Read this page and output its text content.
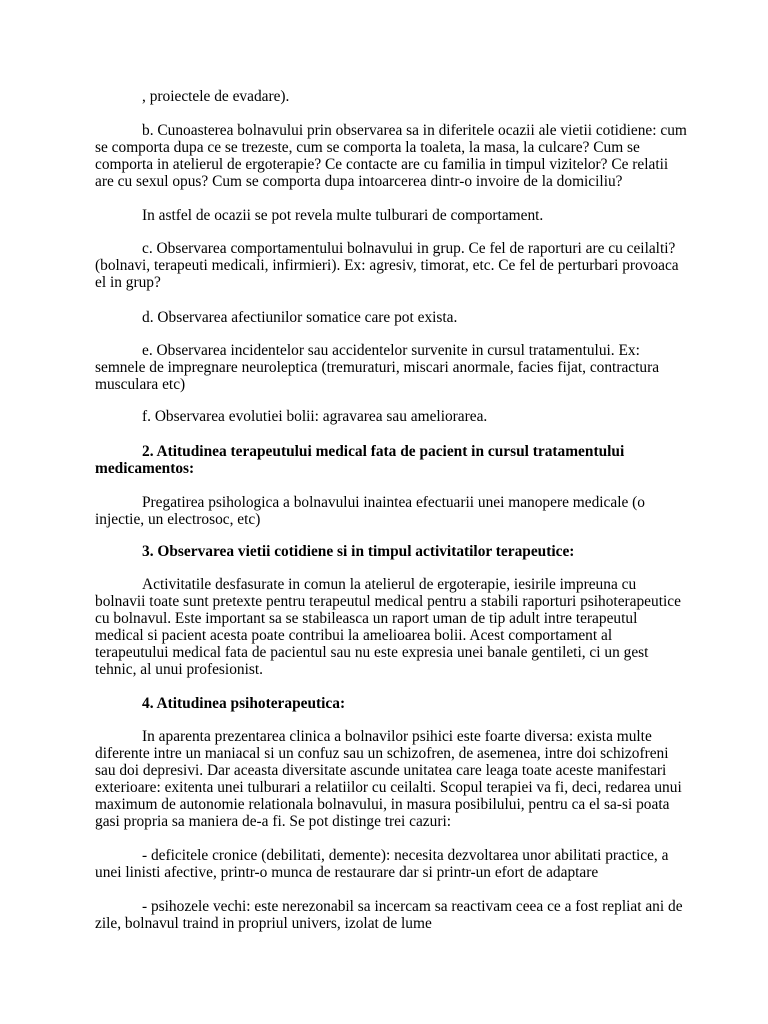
, proiectele de evadare).

b. Cunoasterea bolnavului prin observarea sa in diferitele ocazii ale vietii cotidiene: cum se comporta dupa ce se trezeste, cum se comporta la toaleta, la masa, la culcare? Cum se comporta in atelierul de ergoterapie? Ce contacte are cu familia in timpul vizitelor? Ce relatii are cu sexul opus? Cum se comporta dupa intoarcerea dintr-o invoire de la domiciliu?

In astfel de ocazii se pot revela multe tulburari de comportament.

c. Observarea comportamentului bolnavului in grup. Ce fel de raporturi are cu ceilalti? (bolnavi, terapeuti medicali, infirmieri). Ex: agresiv, timorat, etc. Ce fel de perturbari provoaca el in grup?

d. Observarea afectiunilor somatice care pot exista.

e. Observarea incidentelor sau accidentelor survenite in cursul tratamentului. Ex: semnele de impregnare neuroleptica (tremuraturi, miscari anormale, facies fijat, contractura musculara etc)

f. Observarea evolutiei bolii: agravarea sau ameliorarea.

2. Atitudinea terapeutului medical fata de pacient in cursul tratamentului medicamentos:

Pregatirea psihologica a bolnavului inaintea efectuarii unei manopere medicale (o injectie, un electrosoc, etc)

3. Observarea vietii cotidiene si in timpul activitatilor terapeutice:

Activitatile desfasurate in comun la atelierul de ergoterapie, iesirile impreuna cu bolnavii toate sunt pretexte pentru terapeutul medical pentru a stabili raporturi psihoterapeutice cu bolnavul. Este important sa se stabileasca un raport uman de tip adult intre terapeutul medical si pacient acesta poate contribui la amelioarea bolii. Acest comportament al terapeutului medical fata de pacientul sau nu este expresia unei banale gentileti, ci un gest tehnic, al unui profesionist.

4. Atitudinea psihoterapeutica:

In aparenta prezentarea clinica a bolnavilor psihici este foarte diversa: exista multe diferente intre un maniacal si un confuz sau un schizofren, de asemenea, intre doi schizofreni sau doi depresivi. Dar aceasta diversitate ascunde unitatea care leaga toate aceste manifestari exterioare: exitenta unei tulburari a relatiilor cu ceilalti. Scopul terapiei va fi, deci, redarea unui maximum de autonomie relationala bolnavului, in masura posibilului, pentru ca el sa-si poata gasi propria sa maniera de-a fi. Se pot distinge trei cazuri:

- deficitele cronice (debilitati, demente): necesita dezvoltarea unor abilitati practice, a unei linisti afective, printr-o munca de restaurare dar si printr-un efort de adaptare

- psihozele vechi: este nerezonabil sa incercam sa reactivam ceea ce a fost repliat ani de zile, bolnavul traind in propriul univers, izolat de lume
